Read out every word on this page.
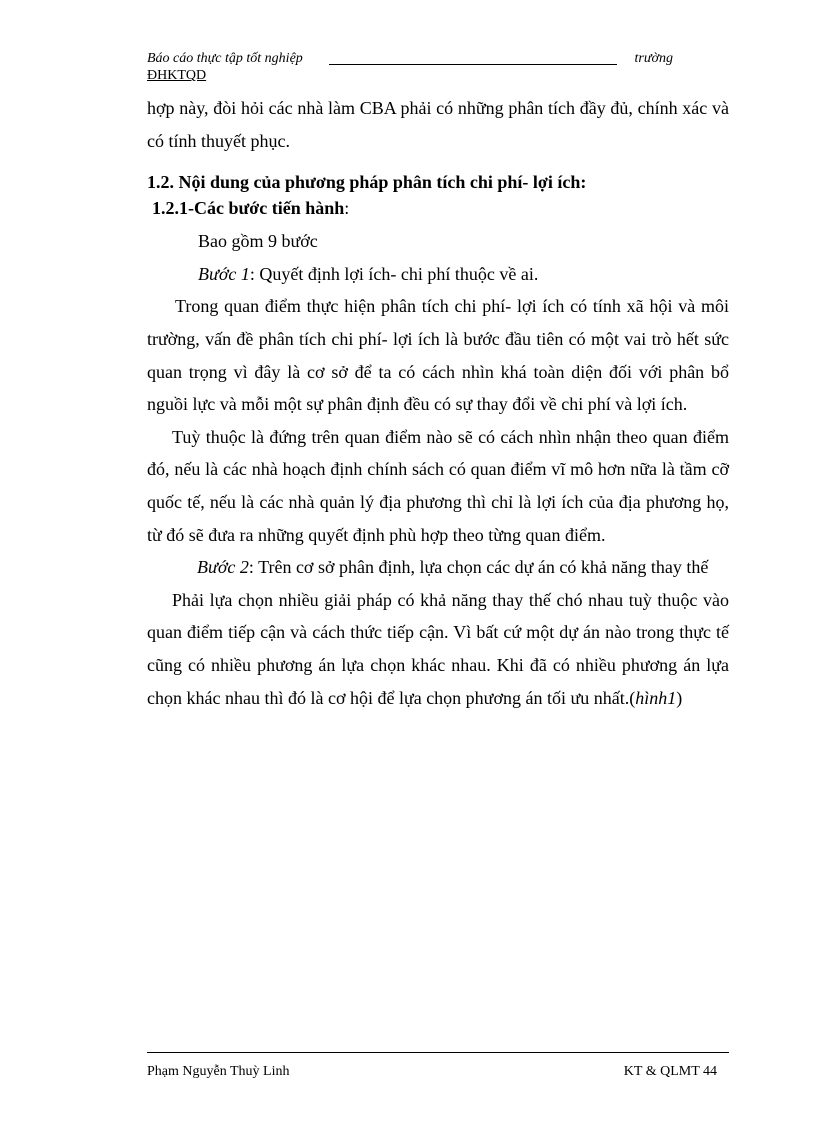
Báo cáo thực tập tốt nghiệp	trường
ĐHKTQD

hợp này, đòi hỏi các nhà làm CBA phải có những phân tích đầy đủ, chính xác và có tính thuyết phục.

1.2. Nội dung của phương pháp phân tích chi phí- lợi ích:

1.2.1-Các bước tiến hành:

Bao gồm 9 bước

Bước 1: Quyết định lợi ích- chi phí thuộc về ai.

Trong quan điểm thực hiện phân tích chi phí- lợi ích có tính xã hội và môi trường, vấn đề phân tích chi phí- lợi ích là bước đầu tiên có một vai trò hết sức quan trọng vì đây là cơ sở để ta có cách nhìn khá toàn diện đối với phân bổ nguồi lực và mỗi một sự phân định đều có sự thay đổi về chi phí và lợi ích.

Tuỳ thuộc là đứng trên quan điểm nào sẽ có cách nhìn nhận theo quan điểm đó, nếu là các nhà hoạch định chính sách có quan điểm vĩ mô hơn nữa là tầm cỡ quốc tế, nếu là các nhà quản lý địa phương thì chỉ là lợi ích của địa phương họ, từ đó sẽ đưa ra những quyết định phù hợp theo từng quan điểm.

Bước 2: Trên cơ sở phân định, lựa chọn các dự án có khả năng thay thế

Phải lựa chọn nhiều giải pháp có khả năng thay thế chó nhau tuỳ thuộc vào quan điểm tiếp cận và cách thức tiếp cận. Vì bất cứ một dự án nào trong thực tế cũng có nhiều phương án lựa chọn khác nhau. Khi đã có nhiều phương án lựa chọn khác nhau thì đó là cơ hội để lựa chọn phương án tối ưu nhất.(hình1)

Phạm Nguyễn Thuỳ Linh	KT & QLMT 44
